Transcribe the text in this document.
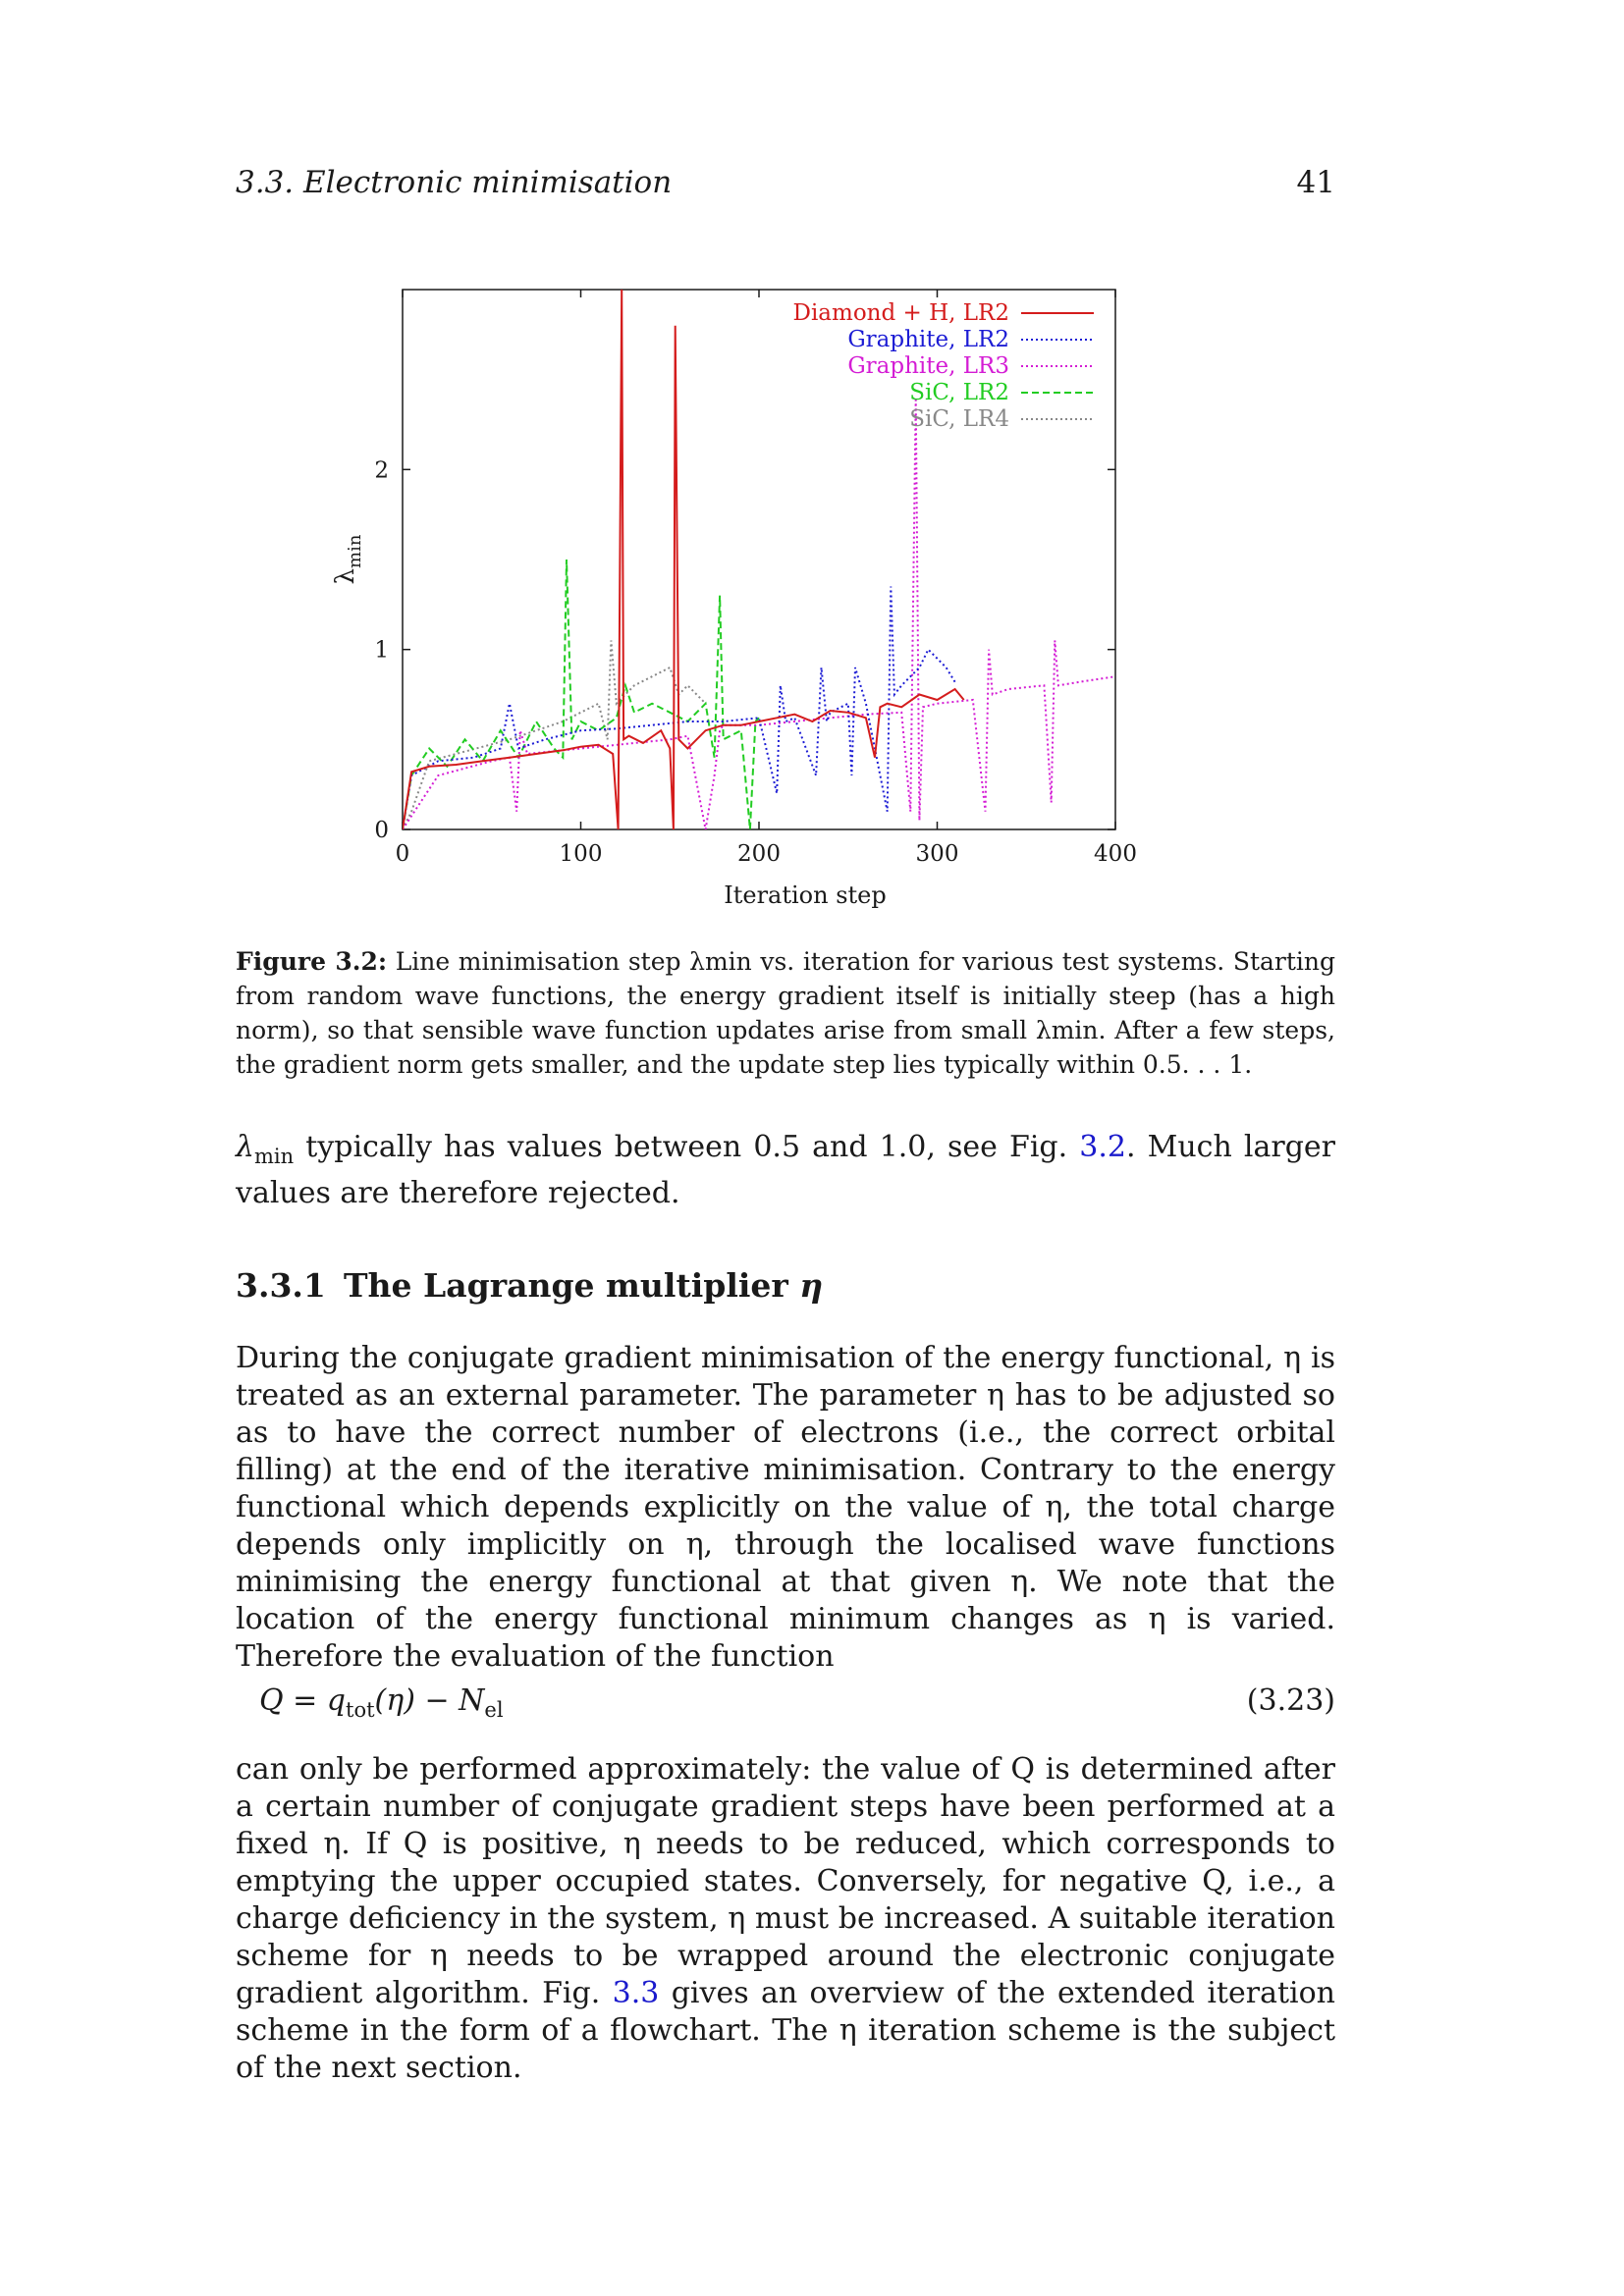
3.3. Electronic minimisation	41
0	100	200	300	400
0
1
2
Diamond + H, LR2
Graphite, LR2
Graphite, LR3
SiC, LR2
SiC, LR4
Iteration step
$\lambda_{min}$
Figure 3.2: Line minimisation step λmin vs. iteration for various test systems. Starting from random wave functions, the energy gradient itself is initially steep (has a high norm), so that sensible wave function updates arise from small λmin. After a few steps, the gradient norm gets smaller, and the update step lies typically within 0.5. . . 1.

$\lambda_{min}$ typically has values between 0.5 and 1.0, see Fig. 3.2. Much larger values are therefore rejected.

3.3.1 The Lagrange multiplier η

During the conjugate gradient minimisation of the energy functional, η is treated as an external parameter. The parameter η has to be adjusted so as to have the correct number of electrons (i.e., the correct orbital filling) at the end of the iterative minimisation. Contrary to the energy functional which depends explicitly on the value of η, the total charge depends only implicitly on η, through the localised wave functions minimising the energy functional at that given η. We note that the location of the energy functional minimum changes as η is varied. Therefore the evaluation of the function

$Q = q_{tot}(\eta) - N_{el}$	(3.23)

can only be performed approximately: the value of Q is determined after a certain number of conjugate gradient steps have been performed at a fixed η. If Q is positive, η needs to be reduced, which corresponds to emptying the upper occupied states. Conversely, for negative Q, i.e., a charge deficiency in the system, η must be increased. A suitable iteration scheme for η needs to be wrapped around the electronic conjugate gradient algorithm. Fig. 3.3 gives an overview of the extended iteration scheme in the form of a flowchart. The η iteration scheme is the subject of the next section.
